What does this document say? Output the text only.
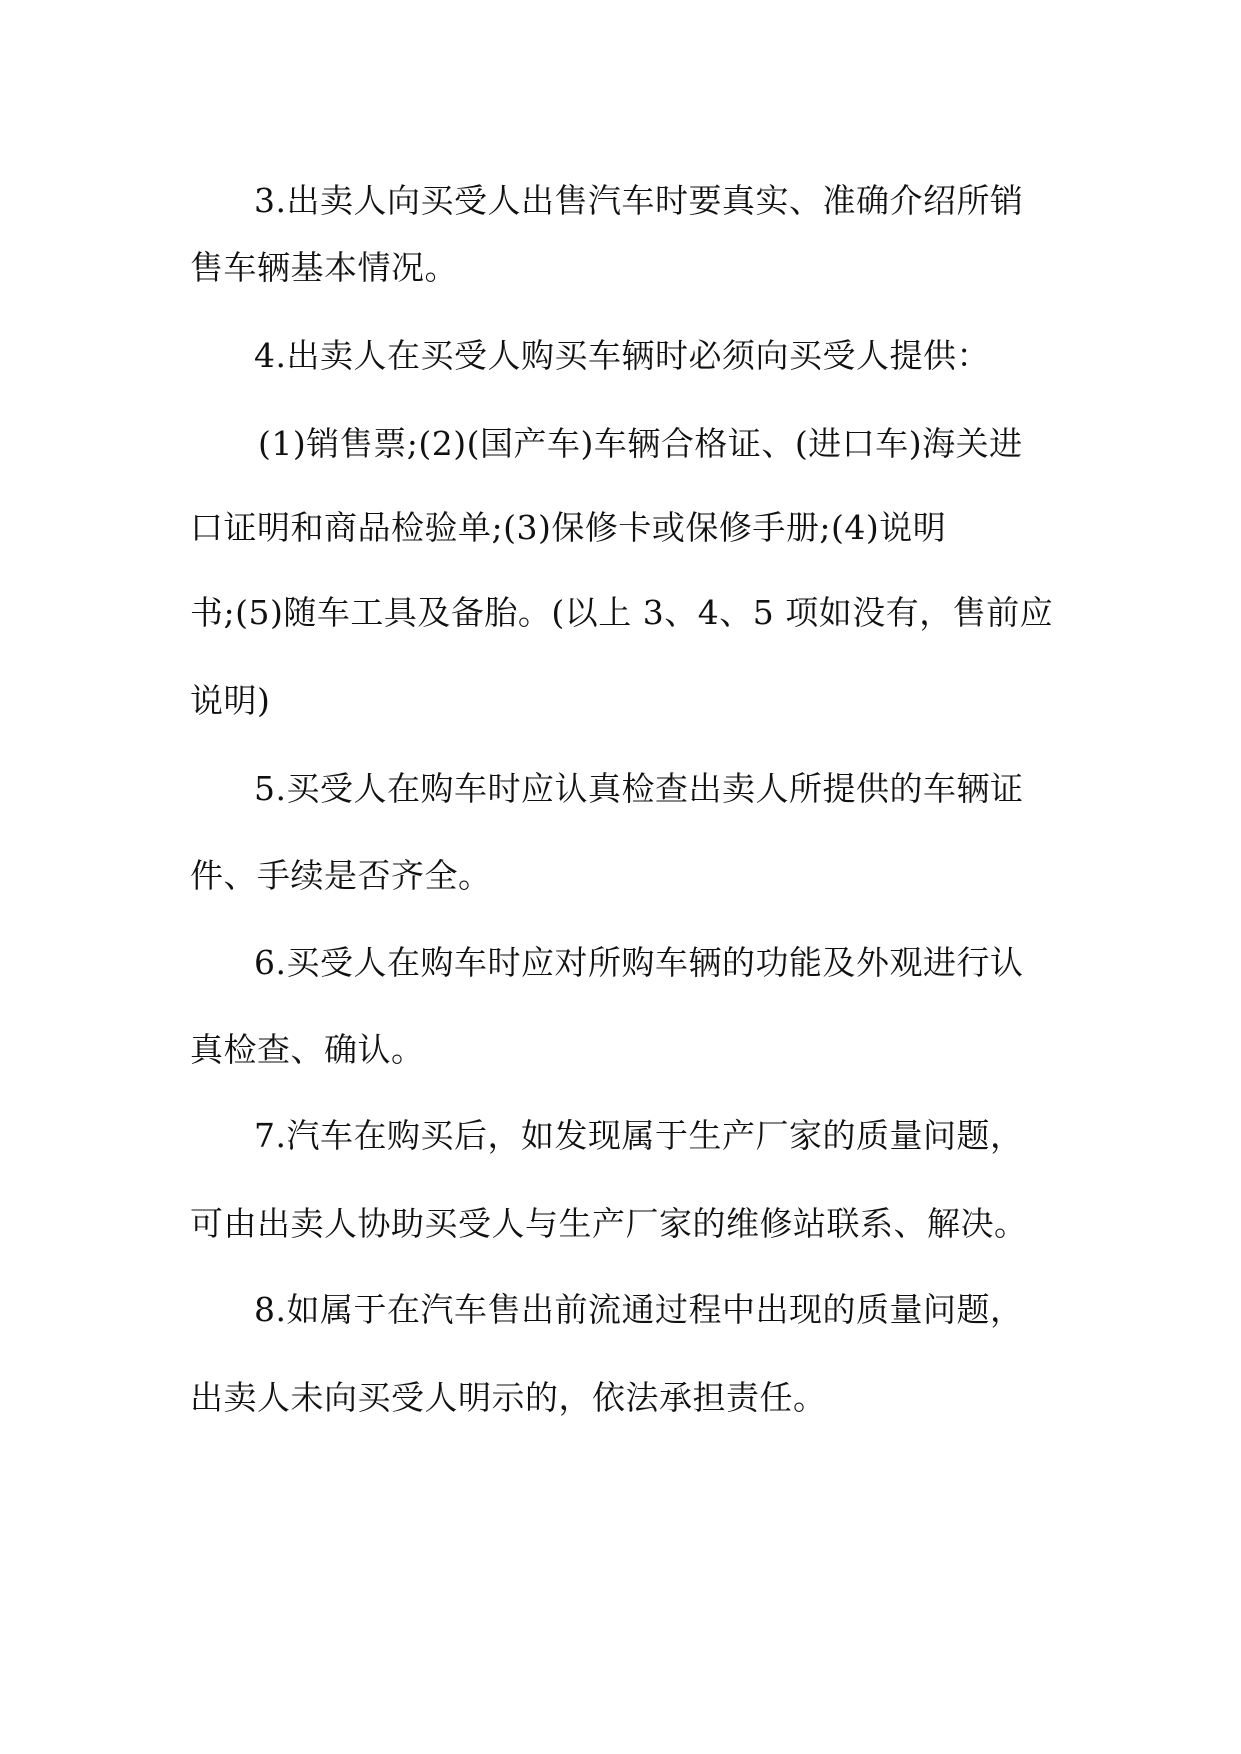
3.出卖人向买受人出售汽车时要真实、准确介绍所销
售车辆基本情况。
4.出卖人在买受人购买车辆时必须向买受人提供：
(1)销售票;(2)(国产车)车辆合格证、(进口车)海关进
口证明和商品检验单;(3)保修卡或保修手册;(4)说明
书;(5)随车工具及备胎。(以上 3、4、5 项如没有，售前应
说明)
5.买受人在购车时应认真检查出卖人所提供的车辆证
件、手续是否齐全。
6.买受人在购车时应对所购车辆的功能及外观进行认
真检查、确认。
7.汽车在购买后，如发现属于生产厂家的质量问题，
可由出卖人协助买受人与生产厂家的维修站联系、解决。
8.如属于在汽车售出前流通过程中出现的质量问题，
出卖人未向买受人明示的，依法承担责任。
